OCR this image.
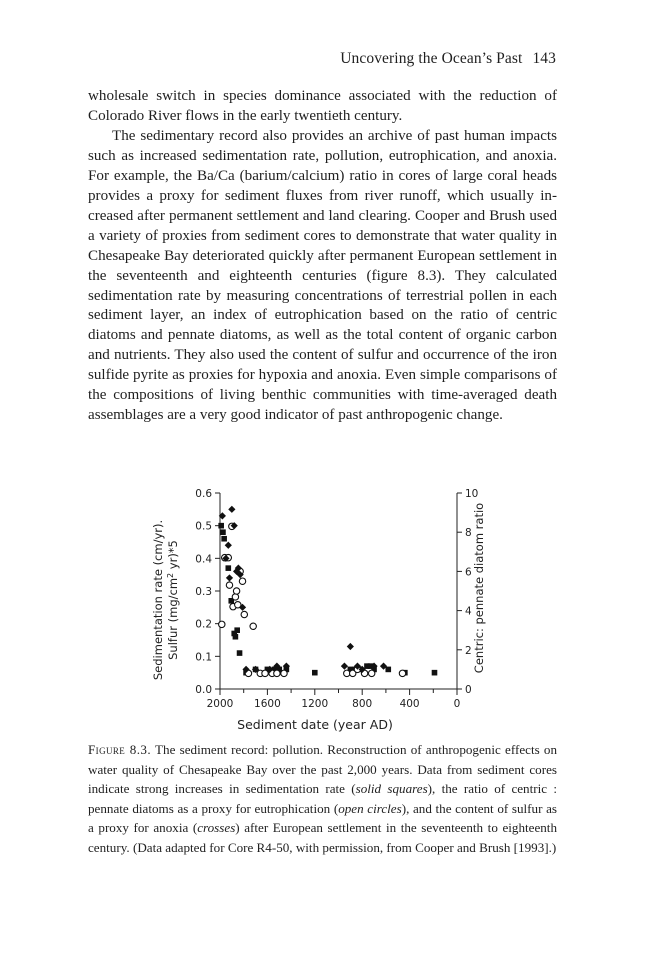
Uncovering the Ocean’s Past 143

wholesale switch in species dominance associated with the reduction of Colorado River flows in the early twentieth century.

The sedimentary record also provides an archive of past human impacts such as increased sedimentation rate, pollution, eutrophication, and anoxia. For example, the Ba/Ca (barium/calcium) ratio in cores of large coral heads provides a proxy for sediment fluxes from river runoff, which usually increased after permanent settlement and land clearing. Cooper and Brush used a variety of proxies from sediment cores to demonstrate that water quality in Chesapeake Bay deteriorated quickly after permanent European settlement in the seventeenth and eighteenth centuries (figure 8.3). They calculated sedimentation rate by measuring concentrations of terrestrial pollen in each sediment layer, an index of eutrophication based on the ratio of centric diatoms and pennate diatoms, as well as the total content of organic carbon and nutrients. They also used the content of sulfur and occurrence of the iron sulfide pyrite as proxies for hypoxia and anoxia. Even simple comparisons of the compositions of living benthic communities with time-averaged death assemblages are a very good indicator of past anthropogenic change.

0.0
0.1
0.2
0.3
0.4
0.5
0.6
0
2
4
6
8
10
2000 1600 1200 800	400	0
Sediment date (year AD)
Sedimentation rate (cm/yr). Sulfur ($mg/cm^2$ yr)*5	Centric: pennate diatom ratio
Figure 8.3. The sediment record: pollution. Reconstruction of anthropogenic effects on water quality of Chesapeake Bay over the past 2,000 years. Data from sediment cores indicate strong increases in sedimentation rate (solid squares), the ratio of centric : pennate diatoms as a proxy for eutrophication (open circles), and the content of sulfur as a proxy for anoxia (crosses) after European settlement in the seventeenth to eighteenth century. (Data adapted for Core R4-50, with permission, from Cooper and Brush [1993].)
